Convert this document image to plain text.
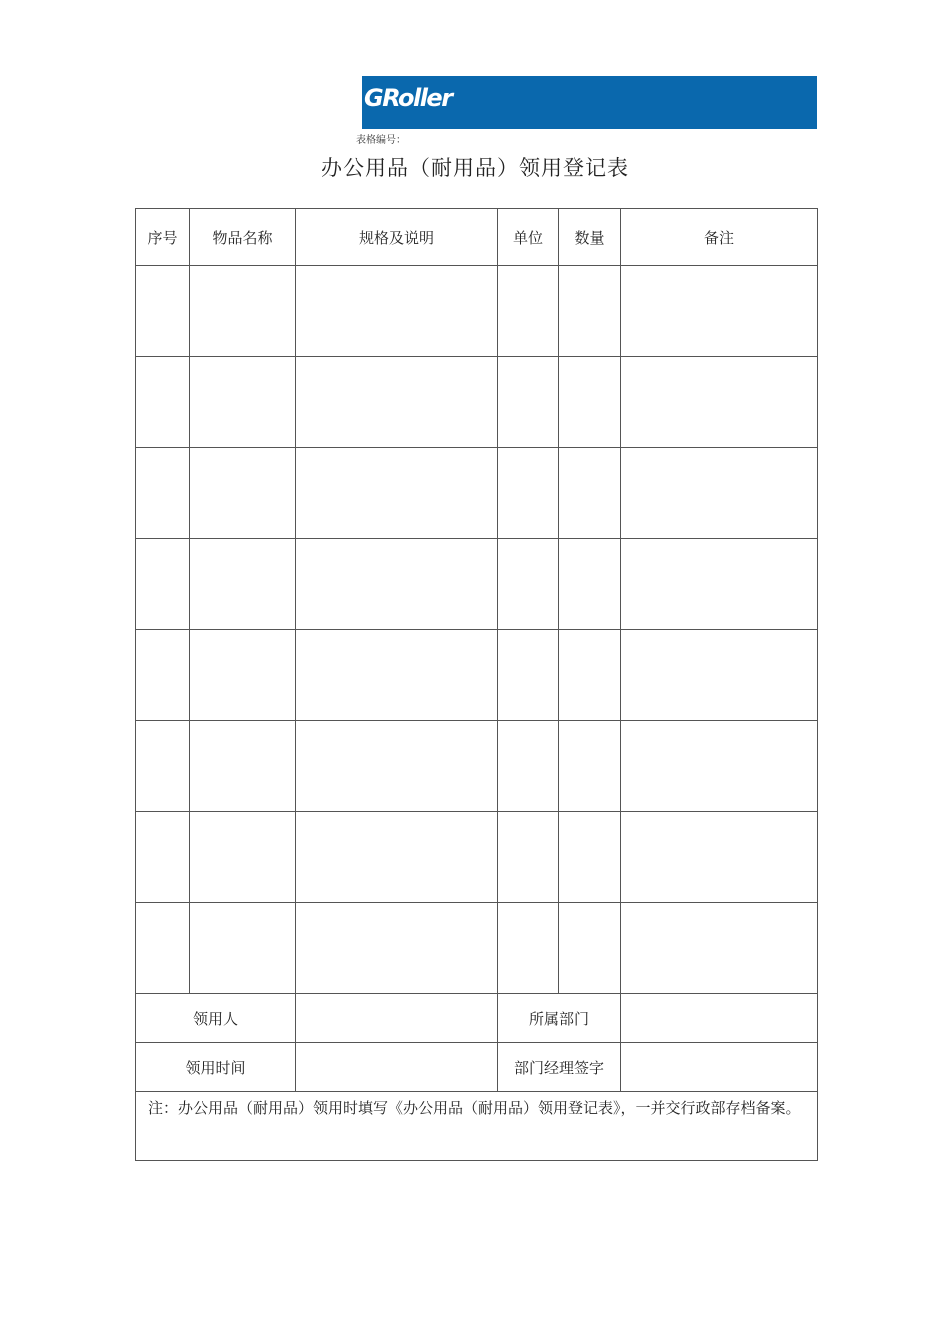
GRoller
表格编号：
办公用品（耐用品）领用登记表
序号	物品名称	规格及说明	单位	数量	备注

领用人			所属部门		
领用时间			部门经理签字		
注：办公用品（耐用品）领用时填写《办公用品（耐用品）领用登记表》，一并交行政部存档备案。					
